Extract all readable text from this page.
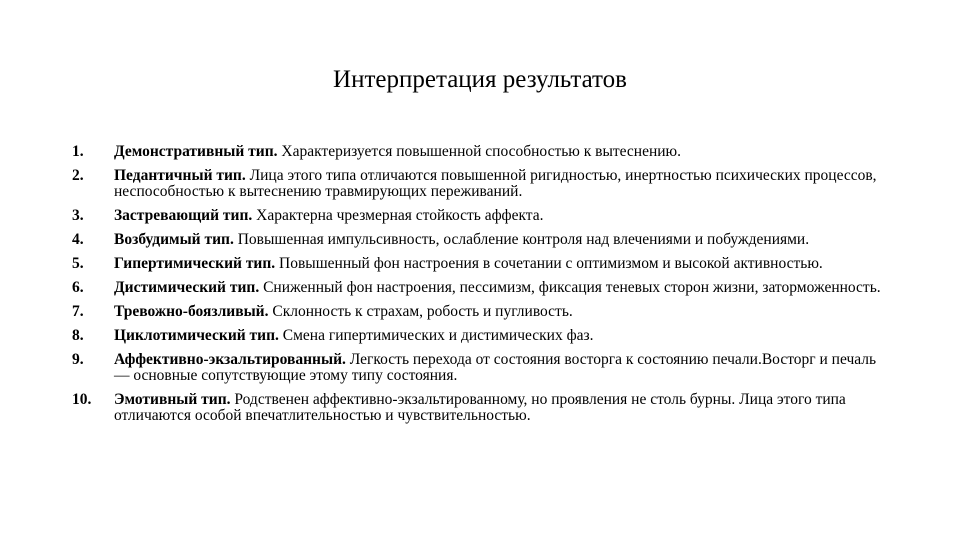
Интерпретация результатов
1. Демонстративный тип. Характеризуется повышенной способностью к вытеснению.
2. Педантичный тип. Лица этого типа отличаются повышенной ригидностью, инертностью психических процессов, неспособностью к вытеснению травмирующих переживаний.
3. Застревающий тип. Характерна чрезмерная стойкость аффекта.
4. Возбудимый тип. Повышенная импульсивность, ослабление контроля над влечениями и побуждениями.
5. Гипертимический тип. Повышенный фон настроения в сочетании с оптимизмом и высокой активностью.
6. Дистимический тип. Сниженный фон настроения, пессимизм, фиксация теневых сторон жизни, заторможенность.
7. Тревожно-боязливый. Склонность к страхам, робость и пугливость.
8. Циклотимический тип. Смена гипертимических и дистимических фаз.
9. Аффективно-экзальтированный. Легкость перехода от состояния восторга к состоянию печали.Восторг и печаль — основные сопутствующие этому типу состояния.
10. Эмотивный тип. Родственен аффективно-экзальтированному, но проявления не столь бурны. Лица этого типа отличаются особой впечатлительностью и чувствительностью.
